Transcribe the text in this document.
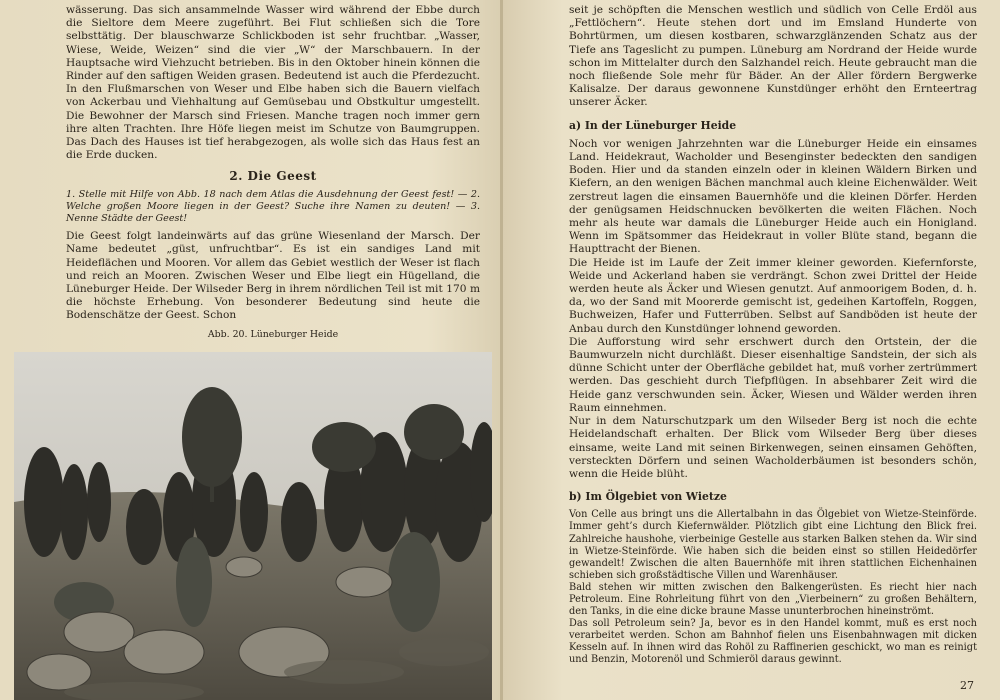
wässerung. Das sich ansammelnde Wasser wird während der Ebbe durch die Sieltore dem Meere zugeführt. Bei Flut schließen sich die Tore selbsttätig. Der blauschwarze Schlickboden ist sehr fruchtbar. „Wasser, Wiese, Weide, Weizen“ sind die vier „W“ der Marschbauern. In der Hauptsache wird Viehzucht betrieben. Bis in den Oktober hinein können die Rinder auf den saftigen Weiden grasen. Bedeutend ist auch die Pferdezucht. In den Flußmarschen von Weser und Elbe haben sich die Bauern vielfach von Ackerbau und Viehhaltung auf Gemüsebau und Obstkultur umgestellt. Die Bewohner der Marsch sind Friesen. Manche tragen noch immer gern ihre alten Trachten. Ihre Höfe liegen meist im Schutze von Baumgruppen. Das Dach des Hauses ist tief herabgezogen, als wolle sich das Haus fest an die Erde ducken.

2. Die Geest

1. Stelle mit Hilfe von Abb. 18 nach dem Atlas die Ausdehnung der Geest fest! — 2. Welche großen Moore liegen in der Geest? Suche ihre Namen zu deuten! — 3. Nenne Städte der Geest!

Die Geest folgt landeinwärts auf das grüne Wiesenland der Marsch. Der Name bedeutet „güst, unfruchtbar“. Es ist ein sandiges Land mit Heideflächen und Mooren. Vor allem das Gebiet westlich der Weser ist flach und reich an Mooren. Zwischen Weser und Elbe liegt ein Hügelland, die Lüneburger Heide. Der Wilseder Berg in ihrem nördlichen Teil ist mit 170 m die höchste Erhebung. Von besonderer Bedeutung sind heute die Bodenschätze der Geest. Schon

Abb. 20. Lüneburger Heide

seit je schöpften die Menschen westlich und südlich von Celle Erdöl aus „Fettlöchern“. Heute stehen dort und im Emsland Hunderte von Bohrtürmen, um diesen kostbaren, schwarzglänzenden Schatz aus der Tiefe ans Tageslicht zu pumpen. Lüneburg am Nordrand der Heide wurde schon im Mittelalter durch den Salzhandel reich. Heute gebraucht man die noch fließende Sole mehr für Bäder. An der Aller fördern Bergwerke Kalisalze. Der daraus gewonnene Kunstdünger erhöht den Ernteertrag unserer Äcker.

a) In der Lüneburger Heide

Noch vor wenigen Jahrzehnten war die Lüneburger Heide ein einsames Land. Heidekraut, Wacholder und Besenginster bedeckten den sandigen Boden. Hier und da standen einzeln oder in kleinen Wäldern Birken und Kiefern, an den wenigen Bächen manchmal auch kleine Eichenwälder. Weit zerstreut lagen die einsamen Bauernhöfe und die kleinen Dörfer. Herden der genügsamen Heidschnucken bevölkerten die weiten Flächen. Noch mehr als heute war damals die Lüneburger Heide auch ein Honigland. Wenn im Spätsommer das Heidekraut in voller Blüte stand, begann die Haupttracht der Bienen.

Die Heide ist im Laufe der Zeit immer kleiner geworden. Kiefernforste, Weide und Ackerland haben sie verdrängt. Schon zwei Drittel der Heide werden heute als Äcker und Wiesen genutzt. Auf anmoorigem Boden, d. h. da, wo der Sand mit Moorerde gemischt ist, gedeihen Kartoffeln, Roggen, Buchweizen, Hafer und Futterrüben. Selbst auf Sandböden ist heute der Anbau durch den Kunstdünger lohnend geworden.

Die Aufforstung wird sehr erschwert durch den Ortstein, der die Baumwurzeln nicht durchläßt. Dieser eisenhaltige Sandstein, der sich als dünne Schicht unter der Oberfläche gebildet hat, muß vorher zertrümmert werden. Das geschieht durch Tiefpflügen. In absehbarer Zeit wird die Heide ganz verschwunden sein. Äcker, Wiesen und Wälder werden ihren Raum einnehmen.

Nur in dem Naturschutzpark um den Wilseder Berg ist noch die echte Heidelandschaft erhalten. Der Blick vom Wilseder Berg über dieses einsame, weite Land mit seinen Birkenwegen, seinen einsamen Gehöften, versteckten Dörfern und seinen Wacholderbäumen ist besonders schön, wenn die Heide blüht.

b) Im Ölgebiet von Wietze

Von Celle aus bringt uns die Allertalbahn in das Ölgebiet von Wietze-Steinförde. Immer geht’s durch Kiefernwälder. Plötzlich gibt eine Lichtung den Blick frei. Zahlreiche haushohe, vierbeinige Gestelle aus starken Balken stehen da. Wir sind in Wietze-Steinförde. Wie haben sich die beiden einst so stillen Heidedörfer gewandelt! Zwischen die alten Bauernhöfe mit ihren stattlichen Eichenhainen schieben sich großstädtische Villen und Warenhäuser.

Bald stehen wir mitten zwischen den Balkengerüsten. Es riecht hier nach Petroleum. Eine Rohrleitung führt von den „Vierbeinern“ zu großen Behältern, den Tanks, in die eine dicke braune Masse ununterbrochen hineinströmt.

Das soll Petroleum sein? Ja, bevor es in den Handel kommt, muß es erst noch verarbeitet werden. Schon am Bahnhof fielen uns Eisenbahnwagen mit dicken Kesseln auf. In ihnen wird das Rohöl zu Raffinerien geschickt, wo man es reinigt und Benzin, Motorenöl und Schmieröl daraus gewinnt.

27
